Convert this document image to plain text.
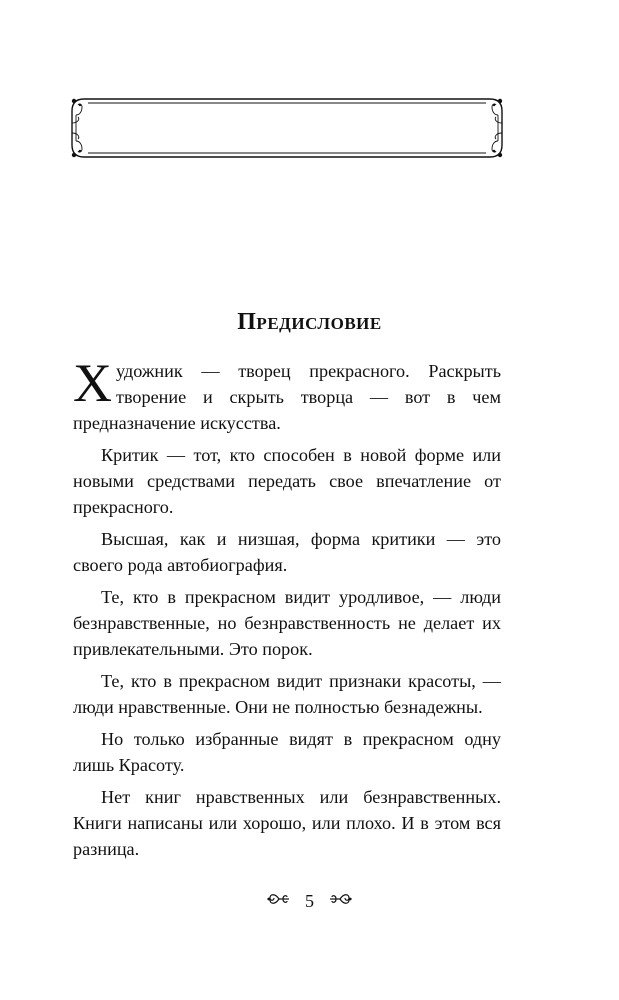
Предисловие

Художник — творец прекрасного. Раскрыть творение и скрыть творца — вот в чем предназначение искусства.

Критик — тот, кто способен в новой форме или новыми средствами передать свое впечатление от прекрасного.

Высшая, как и низшая, форма критики — это своего рода автобиография.

Те, кто в прекрасном видит уродливое, — люди безнравственные, но безнравственность не делает их привлекательными. Это порок.

Те, кто в прекрасном видит признаки красоты, — люди нравственные. Они не полностью безнадежны.

Но только избранные видят в прекрасном одну лишь Красоту.

Нет книг нравственных или безнравственных. Книги написаны или хорошо, или плохо. И в этом вся разница.

5
